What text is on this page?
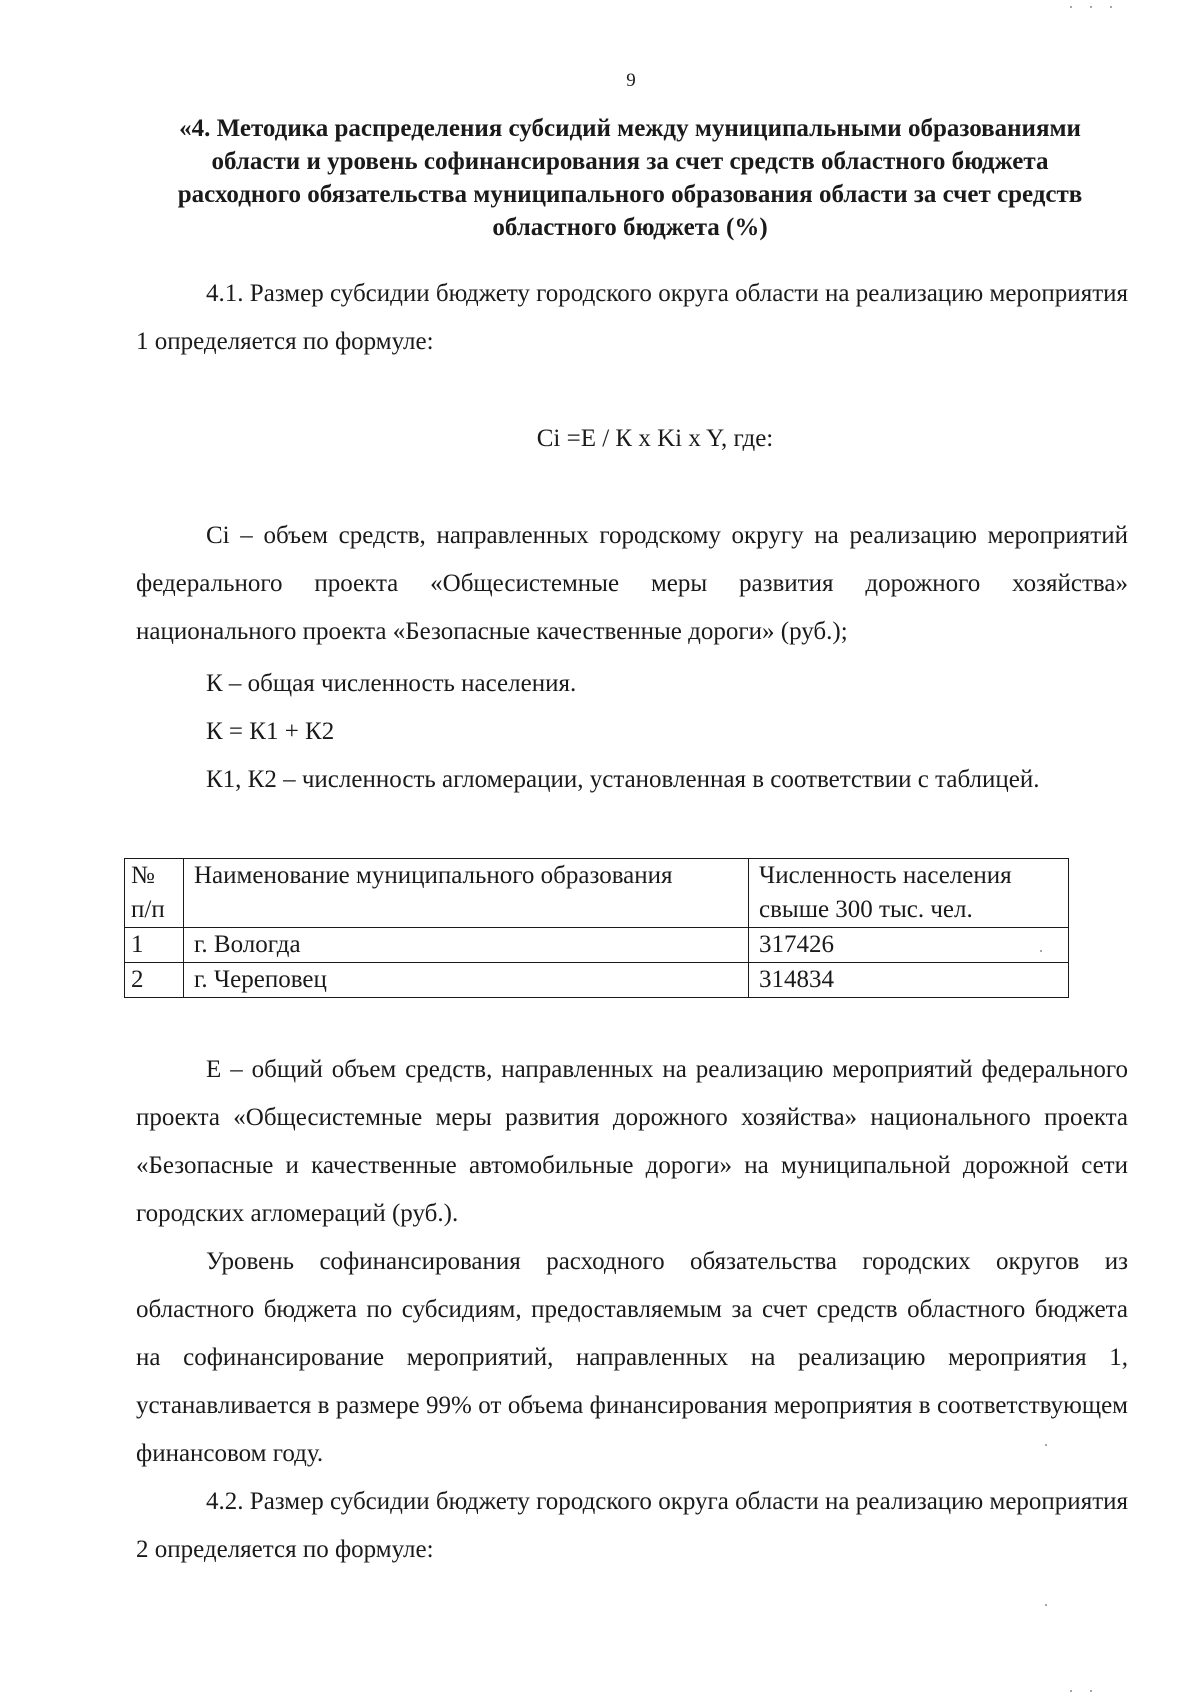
9
«4. Методика распределения субсидий между муниципальными образованиями области и уровень софинансирования за счет средств областного бюджета расходного обязательства муниципального образования области за счет средств областного бюджета (%)
4.1. Размер субсидии бюджету городского округа области на реализацию мероприятия 1 определяется по формуле:
Ci =E / К x Ki x Y, где:
Ci – объем средств, направленных городскому округу на реализацию мероприятий федерального проекта «Общесистемные меры развития дорожного хозяйства» национального проекта «Безопасные качественные дороги» (руб.);
К – общая численность населения.
К = К1 + К2
К1, К2 – численность агломерации, установленная в соответствии с таблицей.
№ п/п	Наименование муниципального образования	Численность населения свыше 300 тыс. чел.
1	г. Вологда	317426
2	г. Череповец	314834
Е – общий объем средств, направленных на реализацию мероприятий федерального проекта «Общесистемные меры развития дорожного хозяйства» национального проекта «Безопасные и качественные автомобильные дороги» на муниципальной дорожной сети городских агломераций (руб.).
Уровень софинансирования расходного обязательства городских округов из областного бюджета по субсидиям, предоставляемым за счет средств областного бюджета на софинансирование мероприятий, направленных на реализацию мероприятия 1, устанавливается в размере 99% от объема финансирования мероприятия в соответствующем финансовом году.
4.2. Размер субсидии бюджету городского округа области на реализацию мероприятия 2 определяется по формуле:
